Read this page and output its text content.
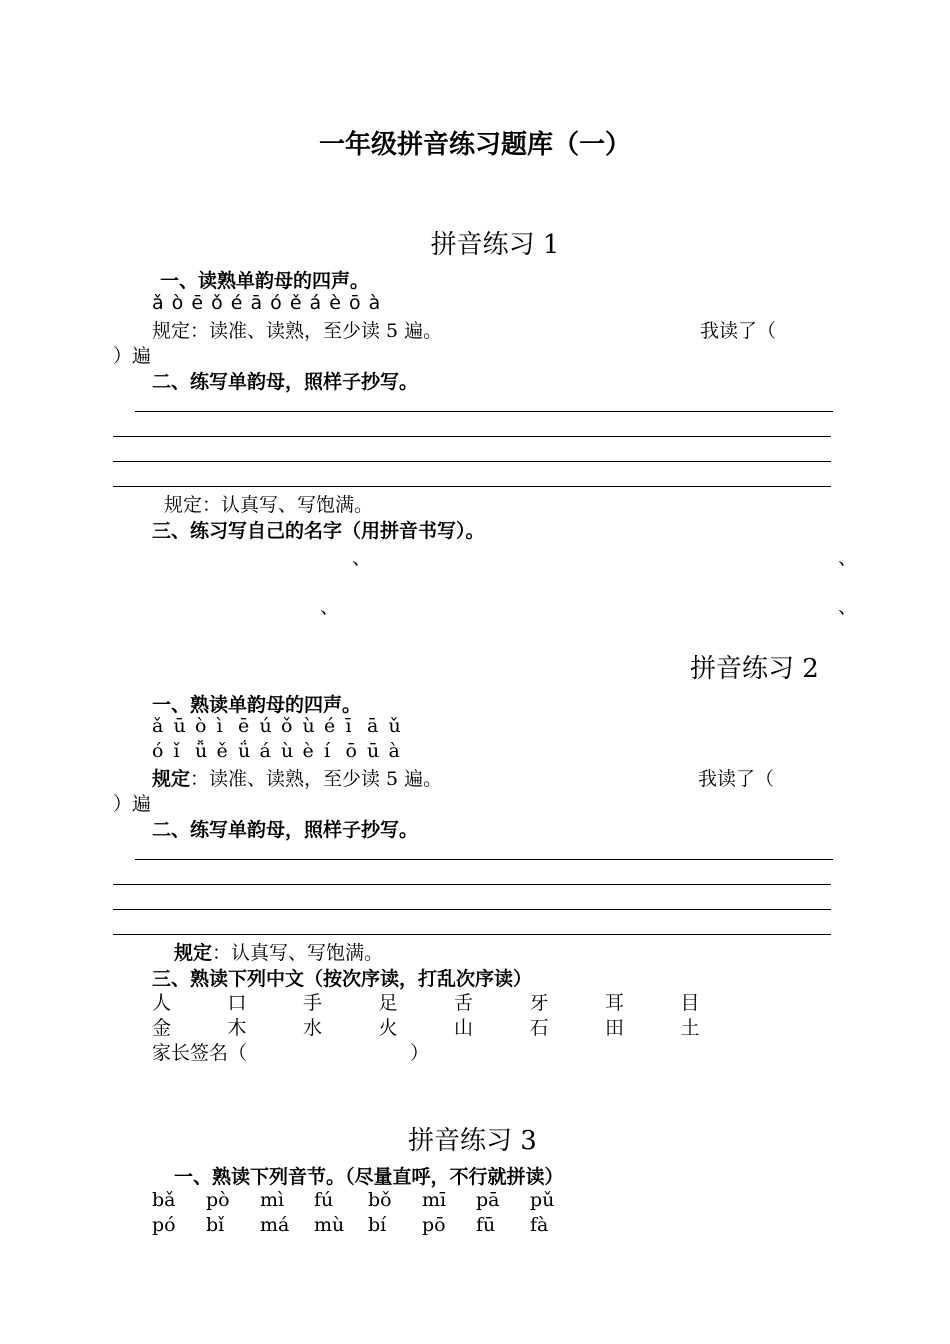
一年级拼音练习题库（一）
拼音练习 1
一、读熟单韵母的四声。
ǎ ò ē ǒ é ā ó ě á è ō à
规定：读准、读熟，至少读 5 遍。	我读了（
）遍
二、练写单韵母，照样子抄写。
规定：认真写、写饱满。
三、练习写自己的名字（用拼音书写）。
、	、
、	、
拼音练习 2
一、熟读单韵母的四声。
ǎ ū ò ì ē ú ǒ ù é ī ā ǔ
ó ǐ ǚ ě ǘ á ù è í ō ū à
规定：读准、读熟，至少读 5 遍。	我读了（
）遍
二、练写单韵母，照样子抄写。
规定：认真写、写饱满。
三、熟读下列中文（按次序读，打乱次序读）
人	口	手	足	舌	牙	耳	目
金	木	水	火	山	石	田	土
家长签名（	）
拼音练习 3
一、熟读下列音节。（尽量直呼，不行就拼读）
bǎ pò mì fú bǒ mī pā pǔ
pó bǐ má mù bí pō fū fà
